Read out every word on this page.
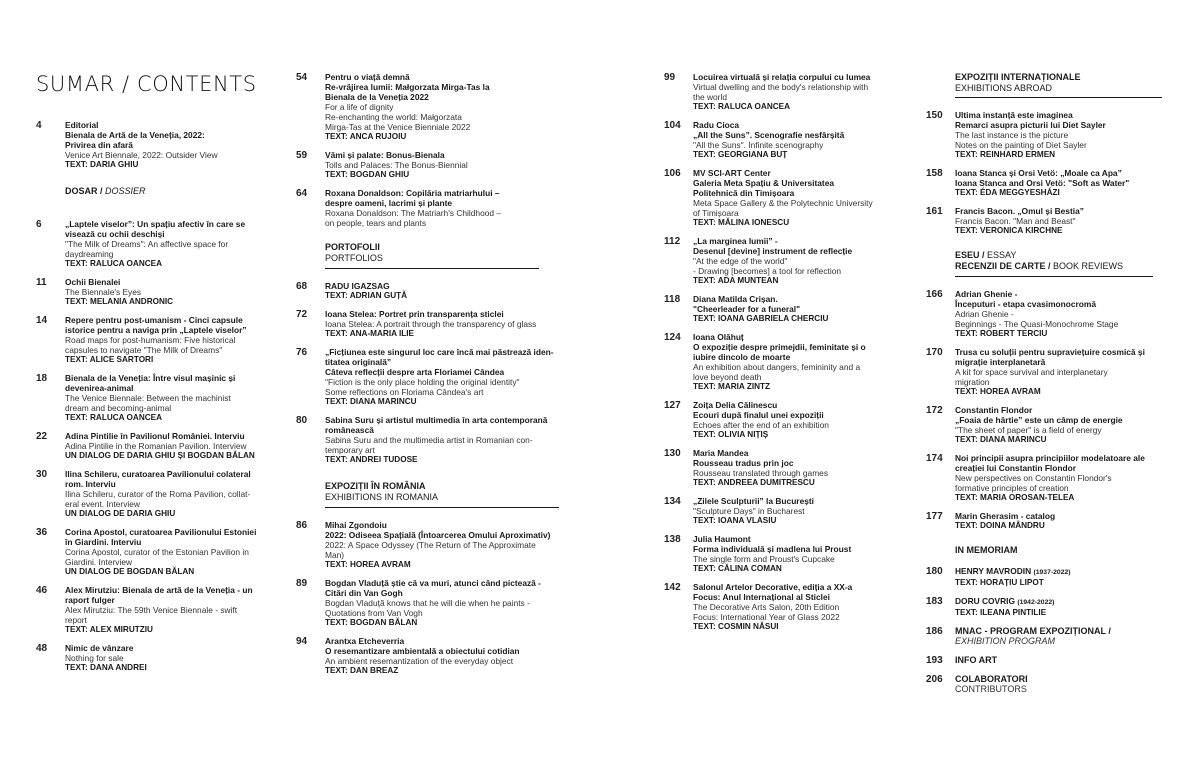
SUMAR / CONTENTS
4	Editorial
Bienala de Artă de la Veneția, 2022:
Privirea din afară
Venice Art Biennale, 2022: Outsider View
TEXT: DARIA GHIU
DOSAR / DOSSIER
6	„Laptele viselor”: Un spațiu afectiv în care se
visează cu ochii deschiși
"The Milk of Dreams": An affective space for
daydreaming
TEXT: RALUCA OANCEA
11 Ochii Bienalei
The Biennale's Eyes
TEXT: MELANIA ANDRONIC
14 Repere pentru post-umanism - Cinci capsule
istorice pentru a naviga prin „Laptele viselor”
Road maps for post-humanism: Five historical
capsules to navigate "The Milk of Dreams"
TEXT: ALICE SARTORI
18 Bienala de la Veneția: Între visul mașinic și
devenirea-animal
The Venice Biennale: Between the machinist
dream and becoming-animal
TEXT: RALUCA OANCEA
22 Adina Pintilie în Pavilionul României. Interviu
Adina Pintilie in the Romanian Pavilion. Interview
UN DIALOG DE DARIA GHIU ȘI BOGDAN BĂLAN
30 Ilina Schileru, curatoarea Pavilionului colateral
rom. Interviu
Ilina Schileru, curator of the Roma Pavilion, collat-
eral event. Interview
UN DIALOG DE DARIA GHIU
36 Corina Apostol, curatoarea Pavilionului Estoniei
în Giardini. Interviu
Corina Apostol, curator of the Estonian Pavilion in
Giardini. Interview
UN DIALOG DE BOGDAN BĂLAN
46 Alex Mirutziu: Bienala de artă de la Veneția - un
raport fulger
Alex Mirutziu: The 59th Venice Biennale - swift
report
TEXT: ALEX MIRUTZIU
48 Nimic de vânzare
Nothing for sale
TEXT: DANA ANDREI
54 Pentru o viață demnă
Re-vrăjirea lumii: Małgorzata Mirga-Tas la
Bienala de la Veneția 2022
For a life of dignity
Re-enchanting the world: Małgorzata
Mirga-Tas at the Venice Bienniale 2022
TEXT: ANCA RUJOIU
59 Vămi și palate: Bonus-Bienala
Tolls and Palaces: The Bonus-Biennial
TEXT: BOGDAN GHIU
64 Roxana Donaldson: Copilăria matriarhului –
despre oameni, lacrimi și plante
Roxana Donaldson: The Matriarh's Childhood –
on people, tears and plants
PORTOFOLII
PORTFOLIOS
68 RADU IGAZSAG
TEXT: ADRIAN GUȚĂ
72 Ioana Stelea: Portret prin transparența sticlei
Ioana Stelea: A portrait through the transparency of glass
TEXT: ANA-MARIA ILIE
76 „Ficțiunea este singurul loc care încă mai păstrează iden-
titatea originală”
Câteva reflecții despre arta Floriamei Cândea
"Fiction is the only place holding the original identity"
Some reflections on Floriama Cândea's art
TEXT: DIANA MARINCU
80 Sabina Suru și artistul multimedia în arta contemporană
românească
Sabina Suru and the multimedia artist in Romanian con-
temporary art
TEXT: ANDREI TUDOSE
EXPOZIȚII ÎN ROMÂNIA
EXHIBITIONS IN ROMANIA
86 Mihai Zgondoiu
2022: Odiseea Spațială (Întoarcerea Omului Aproximativ)
2022: A Space Odyssey (The Return of The Approximate
Man)
TEXT: HOREA AVRAM
89 Bogdan Vladuță știe că va muri, atunci când pictează -
Citări din Van Gogh
Bogdan Vladuță knows that he will die when he paints -
Quotations from Van Vogh
TEXT: BOGDAN BĂLAN
94 Arantxa Etcheverria
O resemantizare ambientală a obiectului cotidian
An ambient resemantization of the everyday object
TEXT: DAN BREAZ
99 Locuirea virtuală și relația corpului cu lumea
Virtual dwelling and the body's relationship with
the world
TEXT: RALUCA OANCEA
104 Radu Cioca
„All the Suns”. Scenografie nesfârșită
"All the Suns". Infinite scenography
TEXT: GEORGIANA BUȚ
106 MV SCI-ART Center
Galeria Meta Spațiu & Universitatea
Politehnică din Timișoara
Meta Space Gallery & the Polytechnic University
of Timișoara
TEXT: MĂLINA IONESCU
112 „La marginea lumii” -
Desenul [devine] instrument de reflecție
"At the edge of the world"
- Drawing [becomes] a tool for reflection
TEXT: ADA MUNTEAN
118 Diana Matilda Crișan.
"Cheerleader for a funeral"
TEXT: IOANA GABRIELA CHERCIU
124 Ioana Olăhuț
O expoziție despre primejdii, feminitate și o
iubire dincolo de moarte
An exhibition about dangers, femininity and a
love beyond death
TEXT: MARIA ZINTZ
127 Zoița Delia Călinescu
Ecouri după finalul unei expoziții
Echoes after the end of an exhibition
TEXT: OLIVIA NIȚIȘ
130 Maria Mandea
Rousseau tradus prin joc
Rousseau translated through games
TEXT: ANDREEA DUMITRESCU
134 „Zilele Sculpturii” la București
"Sculpture Days" in Bucharest
TEXT: IOANA VLASIU
138 Julia Haumont
Forma individuală și madlena lui Proust
The single form and Proust's Cupcake
TEXT: CĂLINA COMAN
142 Salonul Artelor Decorative, ediția a XX-a
Focus: Anul Internațional al Sticlei
The Decorative Arts Salon, 20th Edition
Focus: International Year of Glass 2022
TEXT: COSMIN NĂSUI
EXPOZIȚII INTERNAȚIONALE
EXHIBITIONS ABROAD
150 Ultima instanță este imaginea
Remarci asupra picturii lui Diet Sayler
The last instance is the picture
Notes on the painting of Diet Sayler
TEXT: REINHARD ERMEN
158 Ioana Stanca și Orsi Vetö: „Moale ca Apa”
Ioana Stanca and Orsi Vetö: "Soft as Water"
TEXT: ÉDA MEGGYESHÁZI
161 Francis Bacon. „Omul și Bestia”
Francis Bacon. "Man and Beast"
TEXT: VERONICA KIRCHNE
ESEU / ESSAY
RECENZII DE CARTE / BOOK REVIEWS
166 Adrian Ghenie -
Începuturi - etapa cvasimonocromă
Adrian Ghenie -
Beginnings - The Quasi-Monochrome Stage
TEXT: ROBERT TERCIU
170 Trusa cu soluții pentru supraviețuire cosmică și
migrație interplanetară
A kit for space survival and interplanetary
migration
TEXT: HOREA AVRAM
172 Constantin Flondor
„Foaia de hârtie” este un câmp de energie
"The sheet of paper" is a field of energy
TEXT: DIANA MARINCU
174 Noi principii asupra principiilor modelatoare ale
creației lui Constantin Flondor
New perspectives on Constantin Flondor's
formative principles of creation
TEXT: MARIA OROSAN-TELEA
177 Marin Gherasim - catalog
TEXT: DOINA MÂNDRU
IN MEMORIAM
180 HENRY MAVRODIN (1937-2022)
TEXT: HORAȚIU LIPOT
183 DORU COVRIG (1942-2022)
TEXT: ILEANA PINTILIE
186 MNAC - PROGRAM EXPOZIȚIONAL /
EXHIBITION PROGRAM
193 INFO ART
206 COLABORATORI
CONTRIBUTORS
